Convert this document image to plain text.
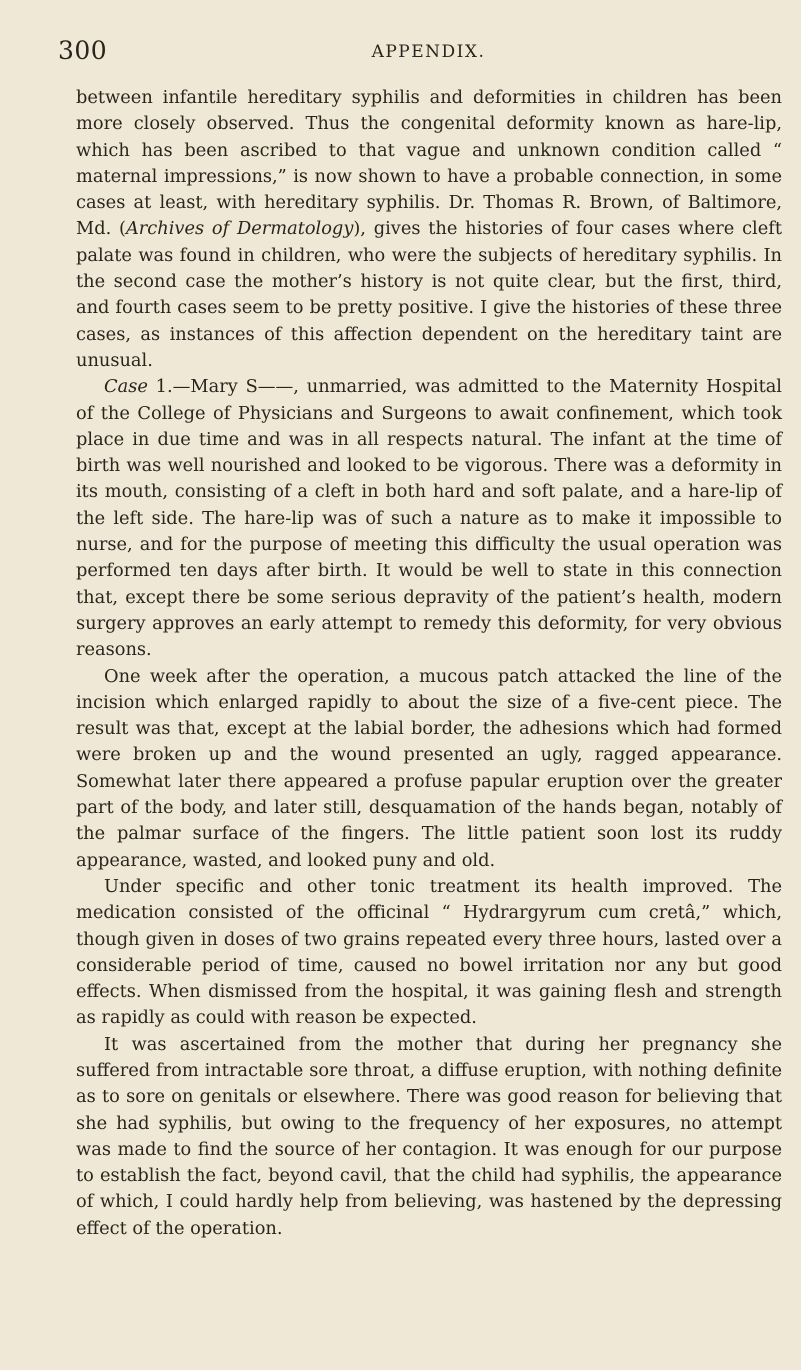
300	APPENDIX.

between infantile hereditary syphilis and deformities in children has been more closely observed. Thus the congenital deformity known as hare-lip, which has been ascribed to that vague and unknown condition called “ maternal impressions,” is now shown to have a probable connection, in some cases at least, with hereditary syphilis. Dr. Thomas R. Brown, of Baltimore, Md. (Archives of Dermatology), gives the histories of four cases where cleft palate was found in children, who were the subjects of hereditary syphilis. In the second case the mother’s history is not quite clear, but the first, third, and fourth cases seem to be pretty positive. I give the histories of these three cases, as instances of this affection dependent on the hereditary taint are unusual.

Case 1.—Mary S——, unmarried, was admitted to the Maternity Hospital of the College of Physicians and Surgeons to await confinement, which took place in due time and was in all respects natural. The infant at the time of birth was well nourished and looked to be vigorous. There was a deformity in its mouth, consisting of a cleft in both hard and soft palate, and a hare-lip of the left side. The hare-lip was of such a nature as to make it impossible to nurse, and for the purpose of meeting this difficulty the usual operation was performed ten days after birth. It would be well to state in this connection that, except there be some serious depravity of the patient’s health, modern surgery approves an early attempt to remedy this deformity, for very obvious reasons.

One week after the operation, a mucous patch attacked the line of the incision which enlarged rapidly to about the size of a five-cent piece. The result was that, except at the labial border, the adhesions which had formed were broken up and the wound presented an ugly, ragged appearance. Somewhat later there appeared a profuse papular eruption over the greater part of the body, and later still, desquamation of the hands began, notably of the palmar surface of the fingers. The little patient soon lost its ruddy appearance, wasted, and looked puny and old.

Under specific and other tonic treatment its health improved. The medication consisted of the officinal “ Hydrargyrum cum cretâ,” which, though given in doses of two grains repeated every three hours, lasted over a considerable period of time, caused no bowel irritation nor any but good effects. When dismissed from the hospital, it was gaining flesh and strength as rapidly as could with reason be expected.

It was ascertained from the mother that during her pregnancy she suffered from intractable sore throat, a diffuse eruption, with nothing definite as to sore on genitals or elsewhere. There was good reason for believing that she had syphilis, but owing to the frequency of her exposures, no attempt was made to find the source of her contagion. It was enough for our purpose to establish the fact, beyond cavil, that the child had syphilis, the appearance of which, I could hardly help from believing, was hastened by the depressing effect of the operation.
